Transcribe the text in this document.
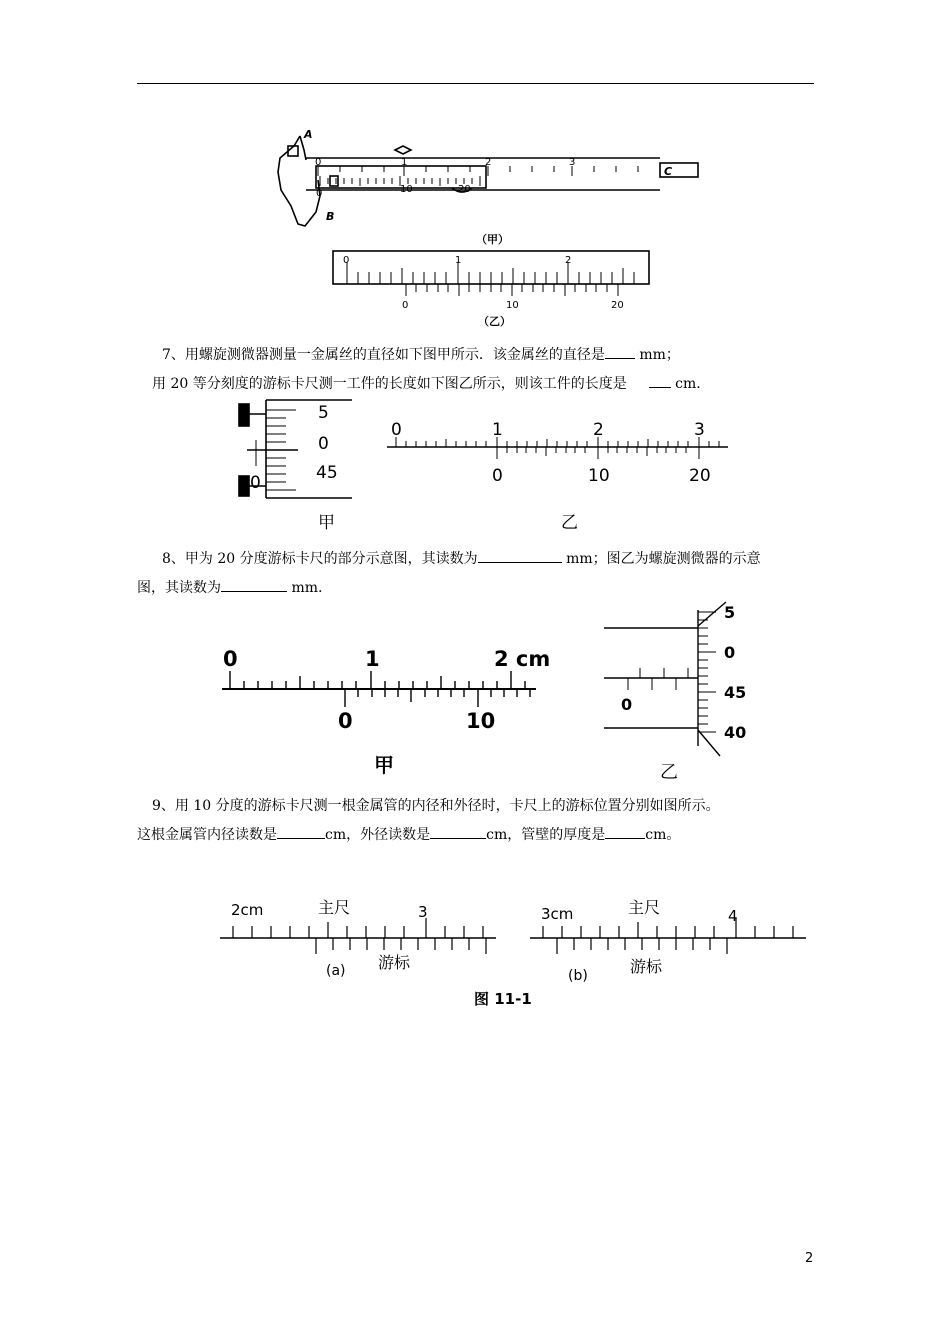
A
B
C
0	1	2	3
0	10	20
（甲）
0	1	2
0	10	20
（乙）
7、用螺旋测微器测量一金属丝的直径如下图甲所示．该金属丝的直径是 mm；
用 20 等分刻度的游标卡尺测一工件的长度如下图乙所示，则该工件的长度是	cm.
5
0
45
0
甲
0	1	2	3
0	10	20
乙
8、甲为 20 分度游标卡尺的部分示意图，其读数为	mm；图乙为螺旋测微器的示意
图，其读数为	mm.
0	1	2 cm
0	10
甲
5
0
45
40
0
乙
9、用 10 分度的游标卡尺测一根金属管的内径和外径时，卡尺上的游标位置分别如图所示。
这根金属管内径读数是	cm，外径读数是	cm，管壁的厚度是	cm。
2cm	主尺	3
(a) 游标
3cm	主尺	4
(b)	游标
图 11-1
2
